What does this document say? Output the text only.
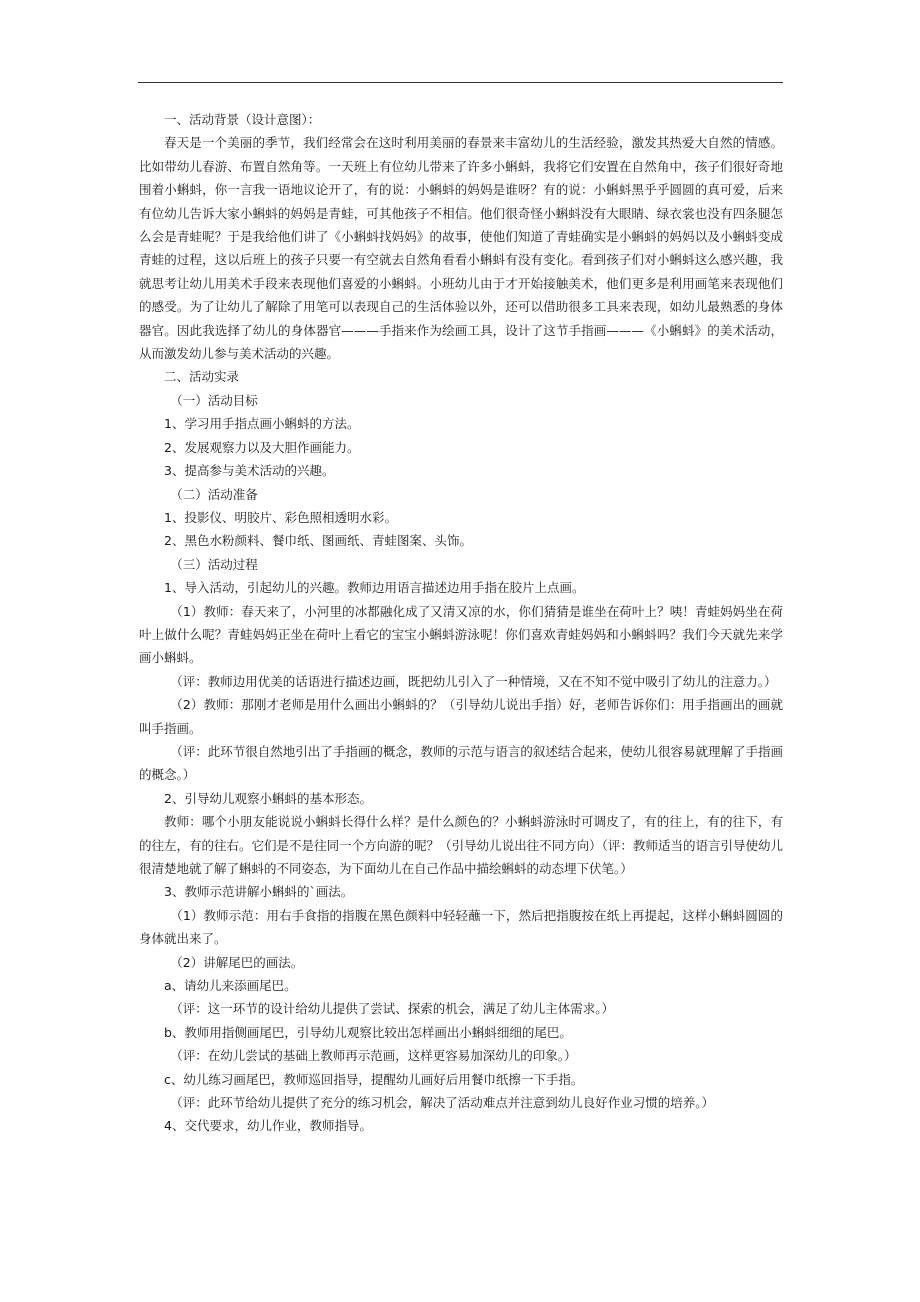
一、活动背景（设计意图）：

春天是一个美丽的季节，我们经常会在这时利用美丽的春景来丰富幼儿的生活经验，激发其热爱大自然的情感。比如带幼儿春游、布置自然角等。一天班上有位幼儿带来了许多小蝌蚪，我将它们安置在自然角中，孩子们很好奇地围着小蝌蚪，你一言我一语地议论开了，有的说：小蝌蚪的妈妈是谁呀？有的说：小蝌蚪黑乎乎圆圆的真可爱，后来有位幼儿告诉大家小蝌蚪的妈妈是青蛙，可其他孩子不相信。他们很奇怪小蝌蚪没有大眼睛、绿衣裳也没有四条腿怎么会是青蛙呢？于是我给他们讲了《小蝌蚪找妈妈》的故事，使他们知道了青蛙确实是小蝌蚪的妈妈以及小蝌蚪变成青蛙的过程，这以后班上的孩子只要一有空就去自然角看看小蝌蚪有没有变化。看到孩子们对小蝌蚪这么感兴趣，我就思考让幼儿用美术手段来表现他们喜爱的小蝌蚪。小班幼儿由于才开始接触美术，他们更多是利用画笔来表现他们的感受。为了让幼儿了解除了用笔可以表现自己的生活体验以外，还可以借助很多工具来表现，如幼儿最熟悉的身体器官。因此我选择了幼儿的身体器官———手指来作为绘画工具，设计了这节手指画———《小蝌蚪》的美术活动，从而激发幼儿参与美术活动的兴趣。

二、活动实录

（一）活动目标

1、学习用手指点画小蝌蚪的方法。

2、发展观察力以及大胆作画能力。

3、提高参与美术活动的兴趣。

（二）活动准备

1、投影仪、明胶片、彩色照相透明水彩。

2、黑色水粉颜料、餐巾纸、图画纸、青蛙图案、头饰。

（三）活动过程

1、导入活动，引起幼儿的兴趣。教师边用语言描述边用手指在胶片上点画。

（1）教师：春天来了，小河里的冰都融化成了又清又凉的水，你们猜猜是谁坐在荷叶上？咦！青蛙妈妈坐在荷叶上做什么呢？青蛙妈妈正坐在荷叶上看它的宝宝小蝌蚪游泳呢！你们喜欢青蛙妈妈和小蝌蚪吗？我们今天就先来学画小蝌蚪。

（评：教师边用优美的话语进行描述边画，既把幼儿引入了一种情境，又在不知不觉中吸引了幼儿的注意力。）

（2）教师：那刚才老师是用什么画出小蝌蚪的？（引导幼儿说出手指）好，老师告诉你们：用手指画出的画就叫手指画。

（评：此环节很自然地引出了手指画的概念，教师的示范与语言的叙述结合起来，使幼儿很容易就理解了手指画的概念。）

2、引导幼儿观察小蝌蚪的基本形态。

教师：哪个小朋友能说说小蝌蚪长得什么样？是什么颜色的？小蝌蚪游泳时可调皮了，有的往上，有的往下，有的往左，有的往右。它们是不是往同一个方向游的呢？（引导幼儿说出往不同方向）（评：教师适当的语言引导使幼儿很清楚地就了解了蝌蚪的不同姿态，为下面幼儿在自己作品中描绘蝌蚪的动态埋下伏笔。）

3、教师示范讲解小蝌蚪的`画法。

（1）教师示范：用右手食指的指腹在黑色颜料中轻轻蘸一下，然后把指腹按在纸上再提起，这样小蝌蚪圆圆的身体就出来了。

（2）讲解尾巴的画法。

a、请幼儿来添画尾巴。

（评：这一环节的设计给幼儿提供了尝试、探索的机会，满足了幼儿主体需求。）

b、教师用指侧画尾巴，引导幼儿观察比较出怎样画出小蝌蚪细细的尾巴。

（评：在幼儿尝试的基础上教师再示范画，这样更容易加深幼儿的印象。）

c、幼儿练习画尾巴，教师巡回指导，提醒幼儿画好后用餐巾纸擦一下手指。

（评：此环节给幼儿提供了充分的练习机会，解决了活动难点并注意到幼儿良好作业习惯的培养。）

4、交代要求，幼儿作业，教师指导。
